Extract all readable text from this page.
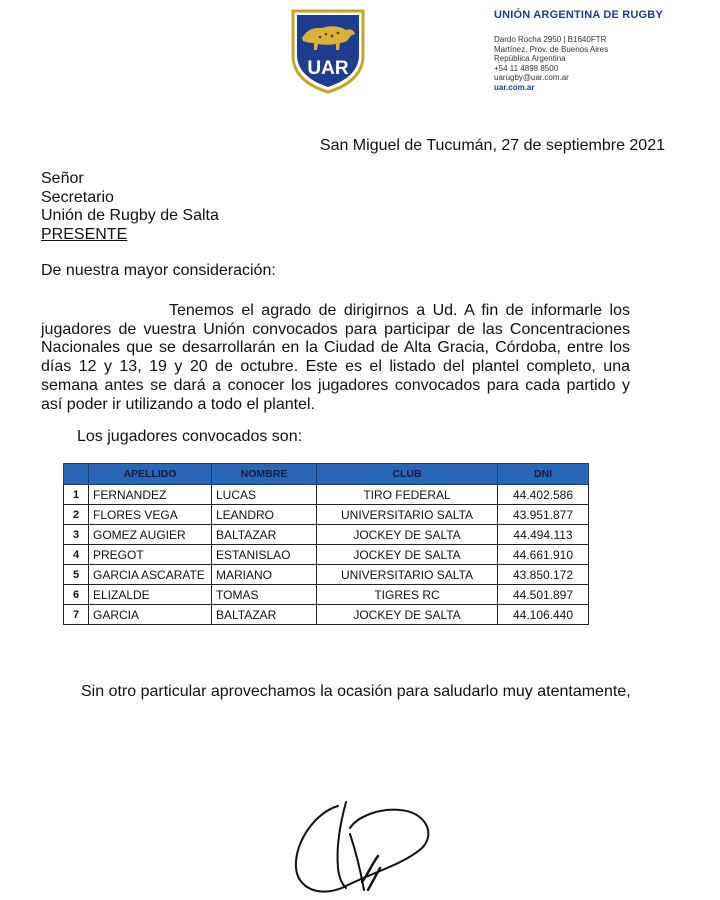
UAR
UNIÓN ARGENTINA DE RUGBY
Dardo Rocha 2950 | B1640FTR
Martínez, Prov. de Buenos Aires
República Argentina
+54 11 4898 8500
uarugby@uar.com.ar
uar.com.ar
San Miguel de Tucumán, 27 de septiembre 2021
Señor
Secretario
Unión de Rugby de Salta
PRESENTE
De nuestra mayor consideración:
Tenemos el agrado de dirigirnos a Ud. A fin de informarle los jugadores de vuestra Unión convocados para participar de las Concentraciones Nacionales que se desarrollarán en la Ciudad de Alta Gracia, Córdoba, entre los días 12 y 13, 19 y 20 de octubre. Este es el listado del plantel completo, una semana antes se dará a conocer los jugadores convocados para cada partido y así poder ir utilizando a todo el plantel.
Los jugadores convocados son:
	APELLIDO	NOMBRE	CLUB	DNI
1	FERNANDEZ	LUCAS	TIRO FEDERAL	44.402.586
2	FLORES VEGA	LEANDRO	UNIVERSITARIO SALTA	43.951.877
3	GOMEZ AUGIER	BALTAZAR	JOCKEY DE SALTA	44.494.113
4	PREGOT	ESTANISLAO	JOCKEY DE SALTA	44.661.910
5	GARCIA ASCARATE	MARIANO	UNIVERSITARIO SALTA	43.850.172
6	ELIZALDE	TOMAS	TIGRES RC	44.501.897
7	GARCIA	BALTAZAR	JOCKEY DE SALTA	44.106.440
Sin otro particular aprovechamos la ocasión para saludarlo muy atentamente,
